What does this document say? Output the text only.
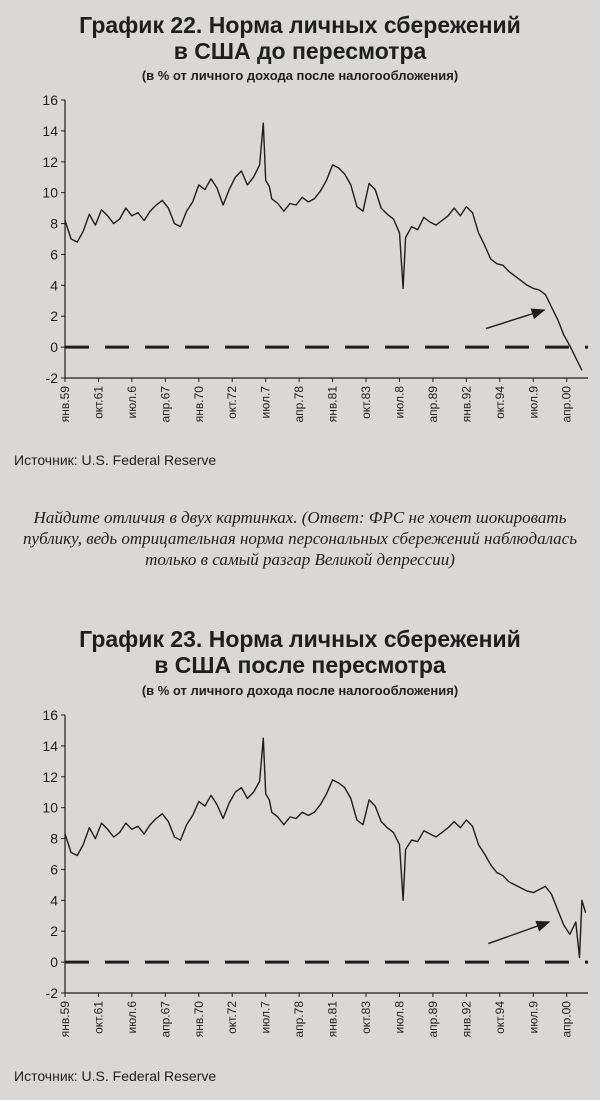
График 22. Норма личных сбережений
в США до пересмотра
(в % от личного дохода после налогообложения)
-2
0
2
4
6
8
10
12
14
16
янв.59 окт.61 июл.6 апр.67 янв.70 окт.72 июл.7 апр.78 янв.81 окт.83 июл.8 апр.89 янв.92 окт.94 июл.9 апр.00
Источник: U.S. Federal Reserve
Найдите отличия в двух картинках. (Ответ: ФРС не хочет шокировать публику, ведь отрицательная норма персональных сбережений наблюдалась только в самый разгар Великой депрессии)
График 23. Норма личных сбережений
в США после пересмотра
(в % от личного дохода после налогообложения)
-2
0
2
4
6
8
10
12
14
16
янв.59 окт.61 июл.6 апр.67 янв.70 окт.72 июл.7 апр.78 янв.81 окт.83 июл.8 апр.89 янв.92 окт.94 июл.9 апр.00
Источник: U.S. Federal Reserve
